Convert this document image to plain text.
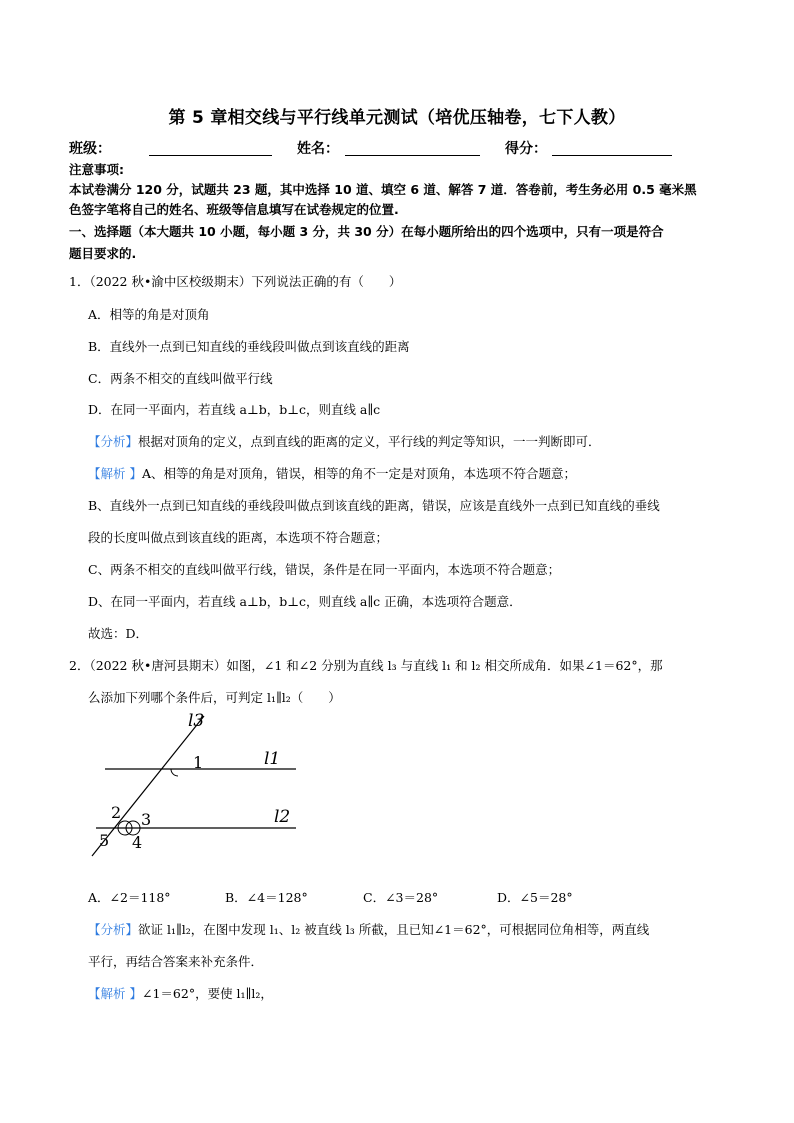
第 5 章相交线与平行线单元测试（培优压轴卷，七下人教）
班级：	姓名：	得分：
注意事项:
本试卷满分 120 分，试题共 23 题，其中选择 10 道、填空 6 道、解答 7 道．答卷前，考生务必用 0.5 毫米黑
色签字笔将自己的姓名、班级等信息填写在试卷规定的位置.
一、选择题（本大题共 10 小题，每小题 3 分，共 30 分）在每小题所给出的四个选项中，只有一项是符合
题目要求的.
1．（2022 秋•渝中区校级期末）下列说法正确的有（　　）
A．相等的角是对顶角
B．直线外一点到已知直线的垂线段叫做点到该直线的距离
C．两条不相交的直线叫做平行线
D．在同一平面内，若直线 a⊥b，b⊥c，则直线 a∥c
【分析】根据对顶角的定义，点到直线的距离的定义，平行线的判定等知识，一一判断即可．
【解析 】A、相等的角是对顶角，错误，相等的角不一定是对顶角，本选项不符合题意；
B、直线外一点到已知直线的垂线段叫做点到该直线的距离，错误，应该是直线外一点到已知直线的垂线
段的长度叫做点到该直线的距离，本选项不符合题意；
C、两条不相交的直线叫做平行线，错误，条件是在同一平面内，本选项不符合题意；
D、在同一平面内，若直线 a⊥b，b⊥c，则直线 a∥c 正确，本选项符合题意．
故选：D．
2．（2022 秋•唐河县期末）如图，∠1 和∠2 分别为直线 l₃ 与直线 l₁ 和 l₂ 相交所成角．如果∠1＝62°，那
么添加下列哪个条件后，可判定 l₁∥l₂（　　）
l3
l1
l2
1
2 3
4
5
A．∠2＝118°	B．∠4＝128°	C．∠3＝28°	D．∠5＝28°
【分析】欲证 l₁∥l₂，在图中发现 l₁、l₂ 被直线 l₃ 所截，且已知∠1＝62°，可根据同位角相等，两直线
平行，再结合答案来补充条件．
【解析 】∠1＝62°，要使 l₁∥l₂，
